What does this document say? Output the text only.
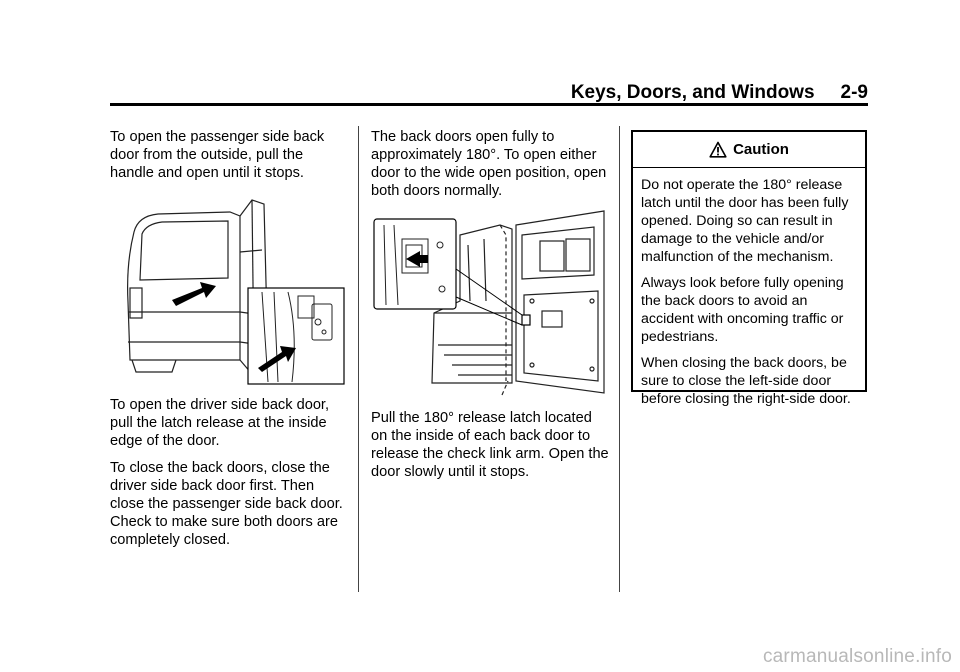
Keys, Doors, and Windows 2-9

To open the passenger side back door from the outside, pull the handle and open until it stops.

To open the driver side back door, pull the latch release at the inside edge of the door.

To close the back doors, close the driver side back door first. Then close the passenger side back door. Check to make sure both doors are completely closed.

The back doors open fully to approximately 180°. To open either door to the wide open position, open both doors normally.

Pull the 180° release latch located on the inside of each back door to release the check link arm. Open the door slowly until it stops.

Caution

Do not operate the 180° release latch until the door has been fully opened. Doing so can result in damage to the vehicle and/or malfunction of the mechanism.

Always look before fully opening the back doors to avoid an accident with oncoming traffic or pedestrians.

When closing the back doors, be sure to close the left-side door before closing the right-side door.

carmanualsonline.info
